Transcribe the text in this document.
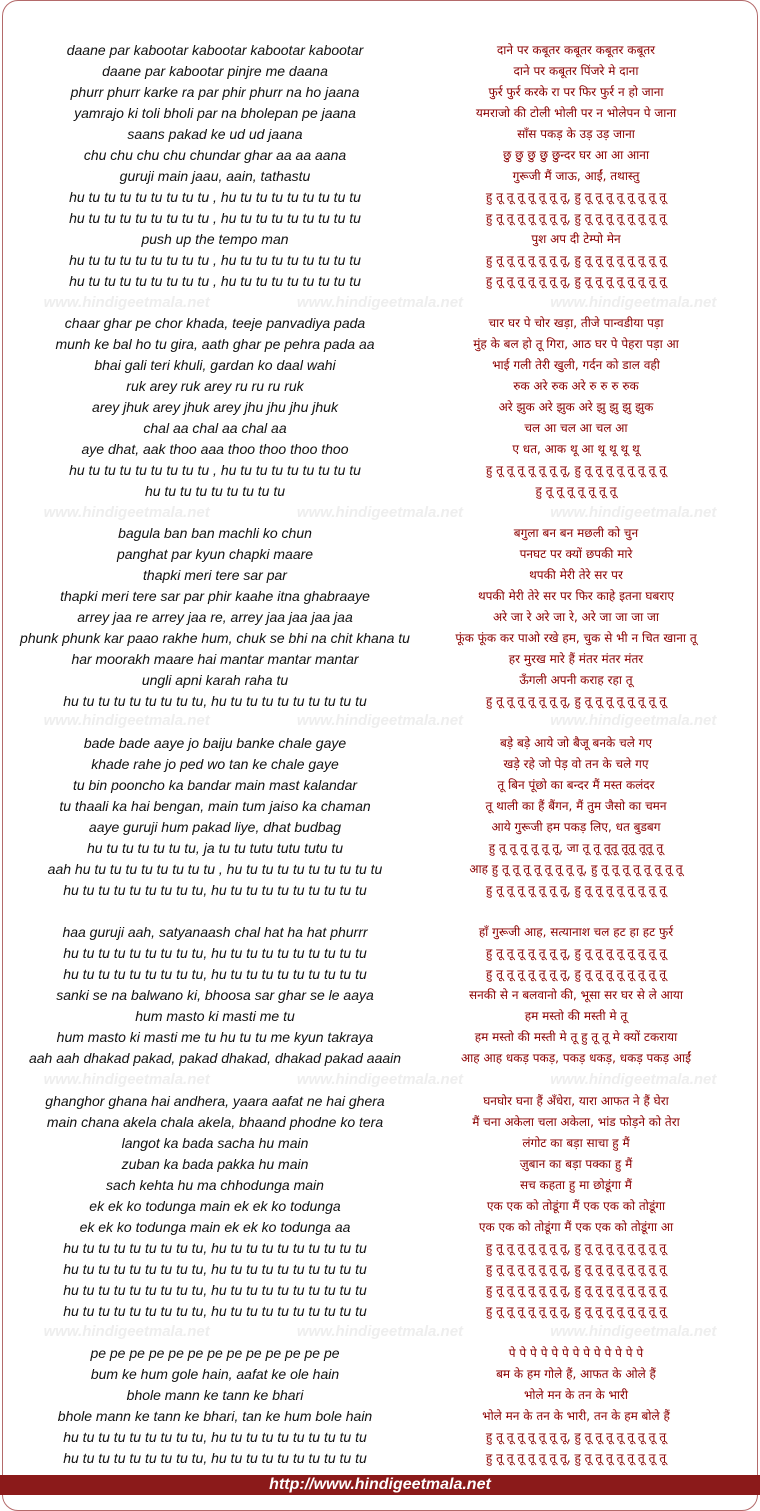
daane par kabootar kabootar kabootar kabootar	दाने पर कबूतर कबूतर कबूतर कबूतर
daane par kabootar pinjre me daana	दाने पर कबूतर पिंजरे मे दाना
phurr phurr karke ra par phir phurr na ho jaana	फुर्र फुर्र करके रा पर फिर फुर्र न हो जाना
yamrajo ki toli bholi par na bholepan pe jaana	यमराजो की टोली भोली पर न भोलेपन पे जाना
saans pakad ke ud ud jaana	साँस पकड़ के उड़ उड़ जाना
chu chu chu chu chundar ghar aa aa aana	छु छु छु छु छुन्दर घर आ आ आना
guruji main jaau, aain, tathastu	गुरूजी मैं जाऊ, आईं, तथास्तु
hu tu tu tu tu tu tu tu tu , hu tu tu tu tu tu tu tu tu	हु तू तू तू तू तू तू तू, हु तू तू तू तू तू तू तू तू
hu tu tu tu tu tu tu tu tu , hu tu tu tu tu tu tu tu tu	हु तू तू तू तू तू तू तू, हु तू तू तू तू तू तू तू तू
push up the tempo man	पुश अप दी टेम्पो मेन
hu tu tu tu tu tu tu tu tu , hu tu tu tu tu tu tu tu tu	हु तू तू तू तू तू तू तू, हु तू तू तू तू तू तू तू तू
hu tu tu tu tu tu tu tu tu , hu tu tu tu tu tu tu tu tu	हु तू तू तू तू तू तू तू, हु तू तू तू तू तू तू तू तू
chaar ghar pe chor khada, teeje panvadiya pada	चार घर पे चोर खड़ा, तीजे पान्वडीया पड़ा
munh ke bal ho tu gira, aath ghar pe pehra pada aa	मुंह के बल हो तू गिरा, आठ घर पे पेहरा पड़ा आ
bhai gali teri khuli, gardan ko daal wahi	भाई गली तेरी खुली, गर्दन को डाल वही
ruk arey ruk arey ru ru ru ruk	रुक अरे रुक अरे रु रु रु रुक
arey jhuk arey jhuk arey jhu jhu jhu jhuk	अरे झुक अरे झुक अरे झु झु झु झुक
chal aa chal aa chal aa	चल आ चल आ चल आ
aye dhat, aak thoo aaa thoo thoo thoo thoo	ए धत, आक थू आ थू थू थू थू
hu tu tu tu tu tu tu tu tu , hu tu tu tu tu tu tu tu tu	हु तू तू तू तू तू तू तू, हु तू तू तू तू तू तू तू तू
hu tu tu tu tu tu tu tu tu	हु तू तू तू तू तू तू तू
bagula ban ban machli ko chun	बगुला बन बन मछली को चुन
panghat par kyun chapki maare	पनघट पर क्यों छपकी मारे
thapki meri tere sar par	थपकी मेरी तेरे सर पर
thapki meri tere sar par phir kaahe itna ghabraaye	थपकी मेरी तेरे सर पर फिर काहे इतना घबराए
arrey jaa re arrey jaa re, arrey jaa jaa jaa jaa	अरे जा रे अरे जा रे, अरे जा जा जा जा
phunk phunk kar paao rakhe hum, chuk se bhi na chit khana tu	फूंक फूंक कर पाओ रखे हम, चुक से भी न चित खाना तू
har moorakh maare hai mantar mantar mantar	हर मुरख मारे हैं मंतर मंतर मंतर
ungli apni karah raha tu	ऊँगली अपनी कराह रहा तू
hu tu tu tu tu tu tu tu tu, hu tu tu tu tu tu tu tu tu tu	हु तू तू तू तू तू तू तू, हु तू तू तू तू तू तू तू तू
bade bade aaye jo baiju banke chale gaye	बड़े बड़े आये जो बैजू बनके चले गए
khade rahe jo ped wo tan ke chale gaye	खड़े रहे जो पेड़ वो तन के चले गए
tu bin pooncho ka bandar main mast kalandar	तू बिन पूंछो का बन्दर मैं मस्त कलंदर
tu thaali ka hai bengan, main tum jaiso ka chaman	तू थाली का हैं बैंगन, मैं तुम जैसो का चमन
aaye guruji hum pakad liye, dhat budbag	आये गुरूजी हम पकड़ लिए, धत बुडबग
hu tu tu tu tu tu tu, ja tu tu tutu tutu tutu tu	हु तू तू तू तू तू तू, जा तू तू तूतू तूतू तूतू तू
aah hu tu tu tu tu tu tu tu tu , hu tu tu tu tu tu tu tu tu tu	आह हु तू तू तू तू तू तू तू तू, हु तू तू तू तू तू तू तू तू
hu tu tu tu tu tu tu tu tu, hu tu tu tu tu tu tu tu tu tu	हु तू तू तू तू तू तू तू, हु तू तू तू तू तू तू तू तू
haa guruji aah, satyanaash chal hat ha hat phurrr	हाँ गुरूजी आह, सत्यानाश चल हट हा हट फुर्र
hu tu tu tu tu tu tu tu tu, hu tu tu tu tu tu tu tu tu tu	हु तू तू तू तू तू तू तू, हु तू तू तू तू तू तू तू तू
hu tu tu tu tu tu tu tu tu, hu tu tu tu tu tu tu tu tu tu	हु तू तू तू तू तू तू तू, हु तू तू तू तू तू तू तू तू
sanki se na balwano ki, bhoosa sar ghar se le aaya	सनकी से न बलवानो की, भूसा सर घर से ले आया
hum masto ki masti me tu	हम मस्तो की मस्ती मे तू
hum masto ki masti me tu hu tu tu me kyun takraya	हम मस्तो की मस्ती मे तू हु तू तू मे क्यों टकराया
aah aah dhakad pakad, pakad dhakad, dhakad pakad aaain	आह आह धकड़ पकड़, पकड़ धकड़, धकड़ पकड़ आईं
ghanghor ghana hai andhera, yaara aafat ne hai ghera	घनघोर घना हैं अँधेरा, यारा आफत ने हैं घेरा
main chana akela chala akela, bhaand phodne ko tera	मैं चना अकेला चला अकेला, भांड फोड़ने को तेरा
langot ka bada sacha hu main	लंगोट का बड़ा साचा हु मैं
zuban ka bada pakka hu main	ज़ुबान का बड़ा पक्का हु मैं
sach kehta hu ma chhodunga main	सच कहता हु मा छोडूंगा मैं
ek ek ko todunga main ek ek ko todunga	एक एक को तोडूंगा मैं एक एक को तोडूंगा
ek ek ko todunga main ek ek ko todunga aa	एक एक को तोडूंगा मैं एक एक को तोडूंगा आ
hu tu tu tu tu tu tu tu tu, hu tu tu tu tu tu tu tu tu tu	हु तू तू तू तू तू तू तू, हु तू तू तू तू तू तू तू तू
hu tu tu tu tu tu tu tu tu, hu tu tu tu tu tu tu tu tu tu	हु तू तू तू तू तू तू तू, हु तू तू तू तू तू तू तू तू
hu tu tu tu tu tu tu tu tu, hu tu tu tu tu tu tu tu tu tu	हु तू तू तू तू तू तू तू, हु तू तू तू तू तू तू तू तू
hu tu tu tu tu tu tu tu tu, hu tu tu tu tu tu tu tu tu tu	हु तू तू तू तू तू तू तू, हु तू तू तू तू तू तू तू तू
pe pe pe pe pe pe pe pe pe pe pe pe pe	पे पे पे पे पे पे पे पे पे पे पे पे पे
bum ke hum gole hain, aafat ke ole hain	बम के हम गोले हैं, आफत के ओले हैं
bhole mann ke tann ke bhari	भोले मन के तन के भारी
bhole mann ke tann ke bhari, tan ke hum bole hain	भोले मन के तन के भारी, तन के हम बोले हैं
hu tu tu tu tu tu tu tu tu, hu tu tu tu tu tu tu tu tu tu	हु तू तू तू तू तू तू तू, हु तू तू तू तू तू तू तू तू
hu tu tu tu tu tu tu tu tu, hu tu tu tu tu tu tu tu tu tu	हु तू तू तू तू तू तू तू, हु तू तू तू तू तू तू तू तू
www.hindigeetmala.net	www.hindigeetmala.net	www.hindigeetmala.net
www.hindigeetmala.net	www.hindigeetmala.net	www.hindigeetmala.net
www.hindigeetmala.net	www.hindigeetmala.net	www.hindigeetmala.net
www.hindigeetmala.net	www.hindigeetmala.net	www.hindigeetmala.net
www.hindigeetmala.net	www.hindigeetmala.net	www.hindigeetmala.net
http://www.hindigeetmala.net
